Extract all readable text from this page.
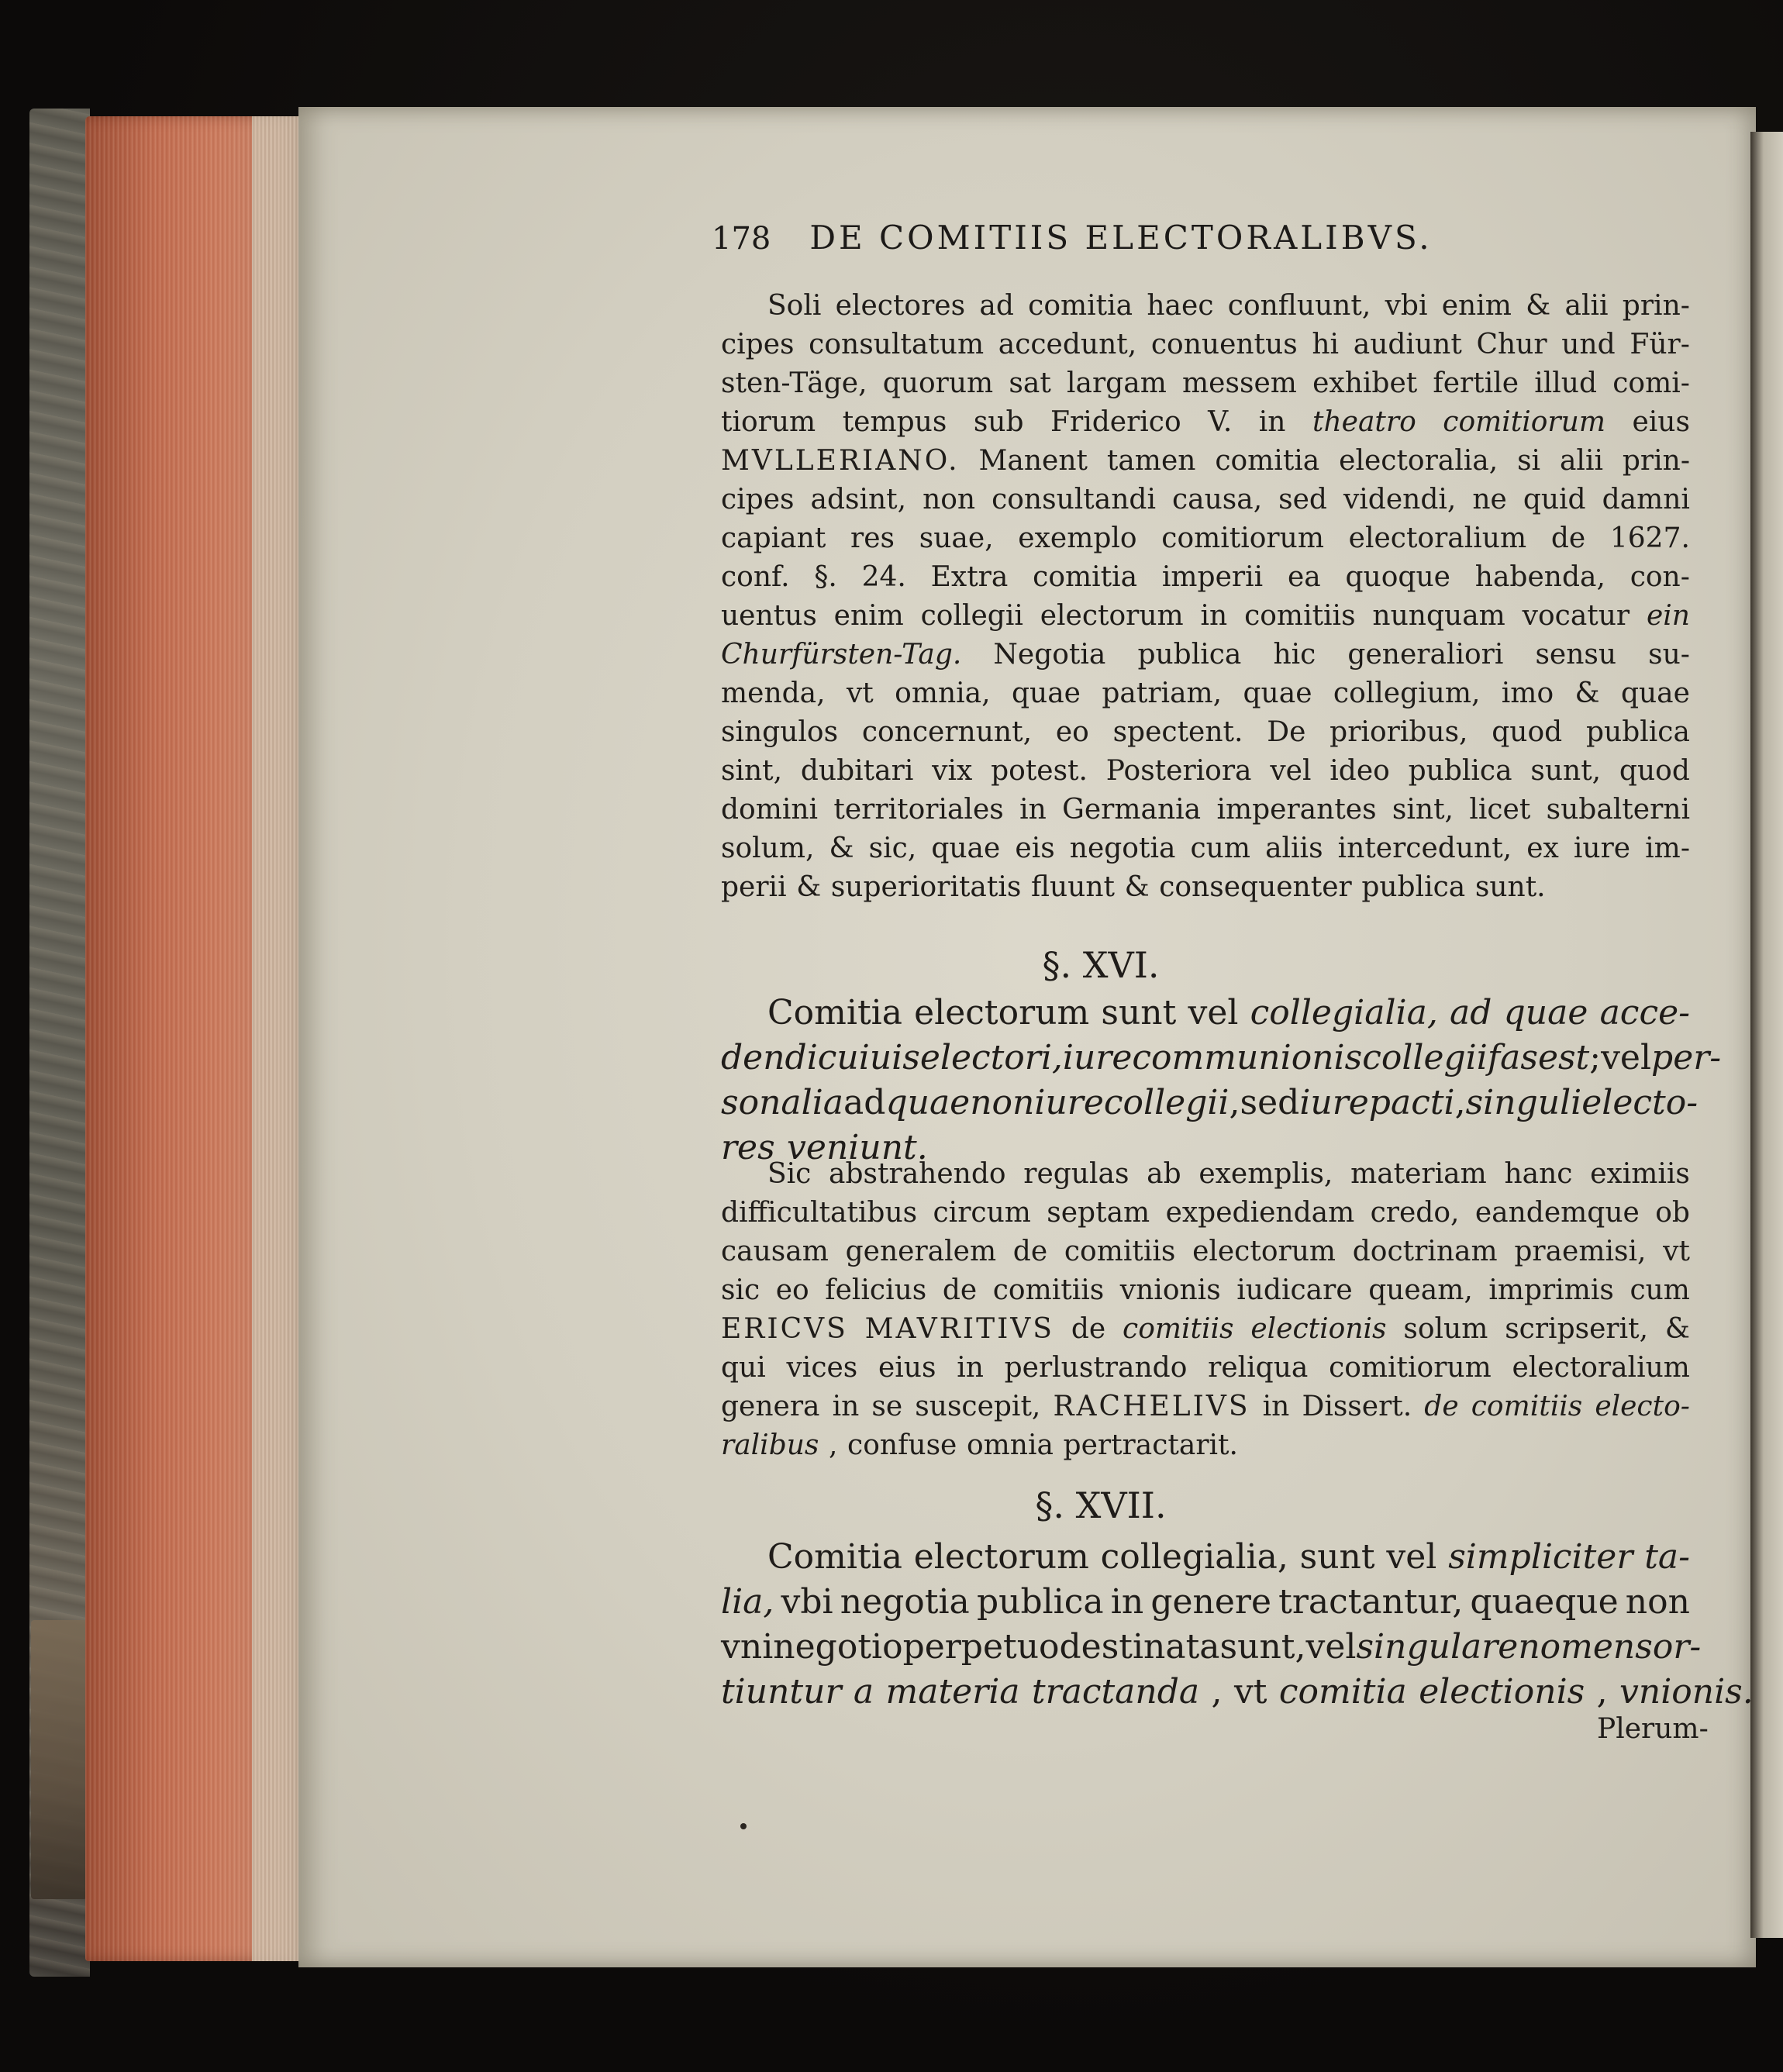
178 DE COMITIIS ELECTORALIBVS.
Soli electores ad comitia haec confluunt, vbi enim & alii prin-
cipes consultatum accedunt, conuentus hi audiunt Chur und Für-
sten-Täge, quorum sat largam messem exhibet fertile illud comi-
tiorum tempus sub Friderico V. in theatro comitiorum eius
MVLLERIANO. Manent tamen comitia electoralia, si alii prin-
cipes adsint, non consultandi causa, sed videndi, ne quid damni
capiant res suae, exemplo comitiorum electoralium de 1627.
conf. §. 24. Extra comitia imperii ea quoque habenda, con-
uentus enim collegii electorum in comitiis nunquam vocatur ein
Churfürsten-Tag. Negotia publica hic generaliori sensu su-
menda, vt omnia, quae patriam, quae collegium, imo & quae
singulos concernunt, eo spectent. De prioribus, quod publica
sint, dubitari vix potest. Posteriora vel ideo publica sunt, quod
domini territoriales in Germania imperantes sint, licet subalterni
solum, & sic, quae eis negotia cum aliis intercedunt, ex iure im-
perii & superioritatis fluunt & consequenter publica sunt.
§. XVI.
Comitia electorum sunt vel collegialia, ad quae acce-
dendi cuiuis electori, iure communionis collegii fas est ; vel per-
sonalia ad quae non iure collegii , sed iure pacti , singuli electo-
res veniunt.
Sic abstrahendo regulas ab exemplis, materiam hanc eximiis
difficultatibus circum septam expediendam credo, eandemque ob
causam generalem de comitiis electorum doctrinam praemisi, vt
sic eo felicius de comitiis vnionis iudicare queam, imprimis cum
ERICVS MAVRITIVS de comitiis electionis solum scripserit, &
qui vices eius in perlustrando reliqua comitiorum electoralium
genera in se suscepit, RACHELIVS in Dissert. de comitiis electo-
ralibus , confuse omnia pertractarit.
§. XVII.
Comitia electorum collegialia, sunt vel simpliciter ta-
lia, vbi negotia publica in genere tractantur, quaeque non
vni negotio perpetuo destinata sunt, vel singulare nomen sor-
tiuntur a materia tractanda , vt comitia electionis , vnionis.
Plerum-
